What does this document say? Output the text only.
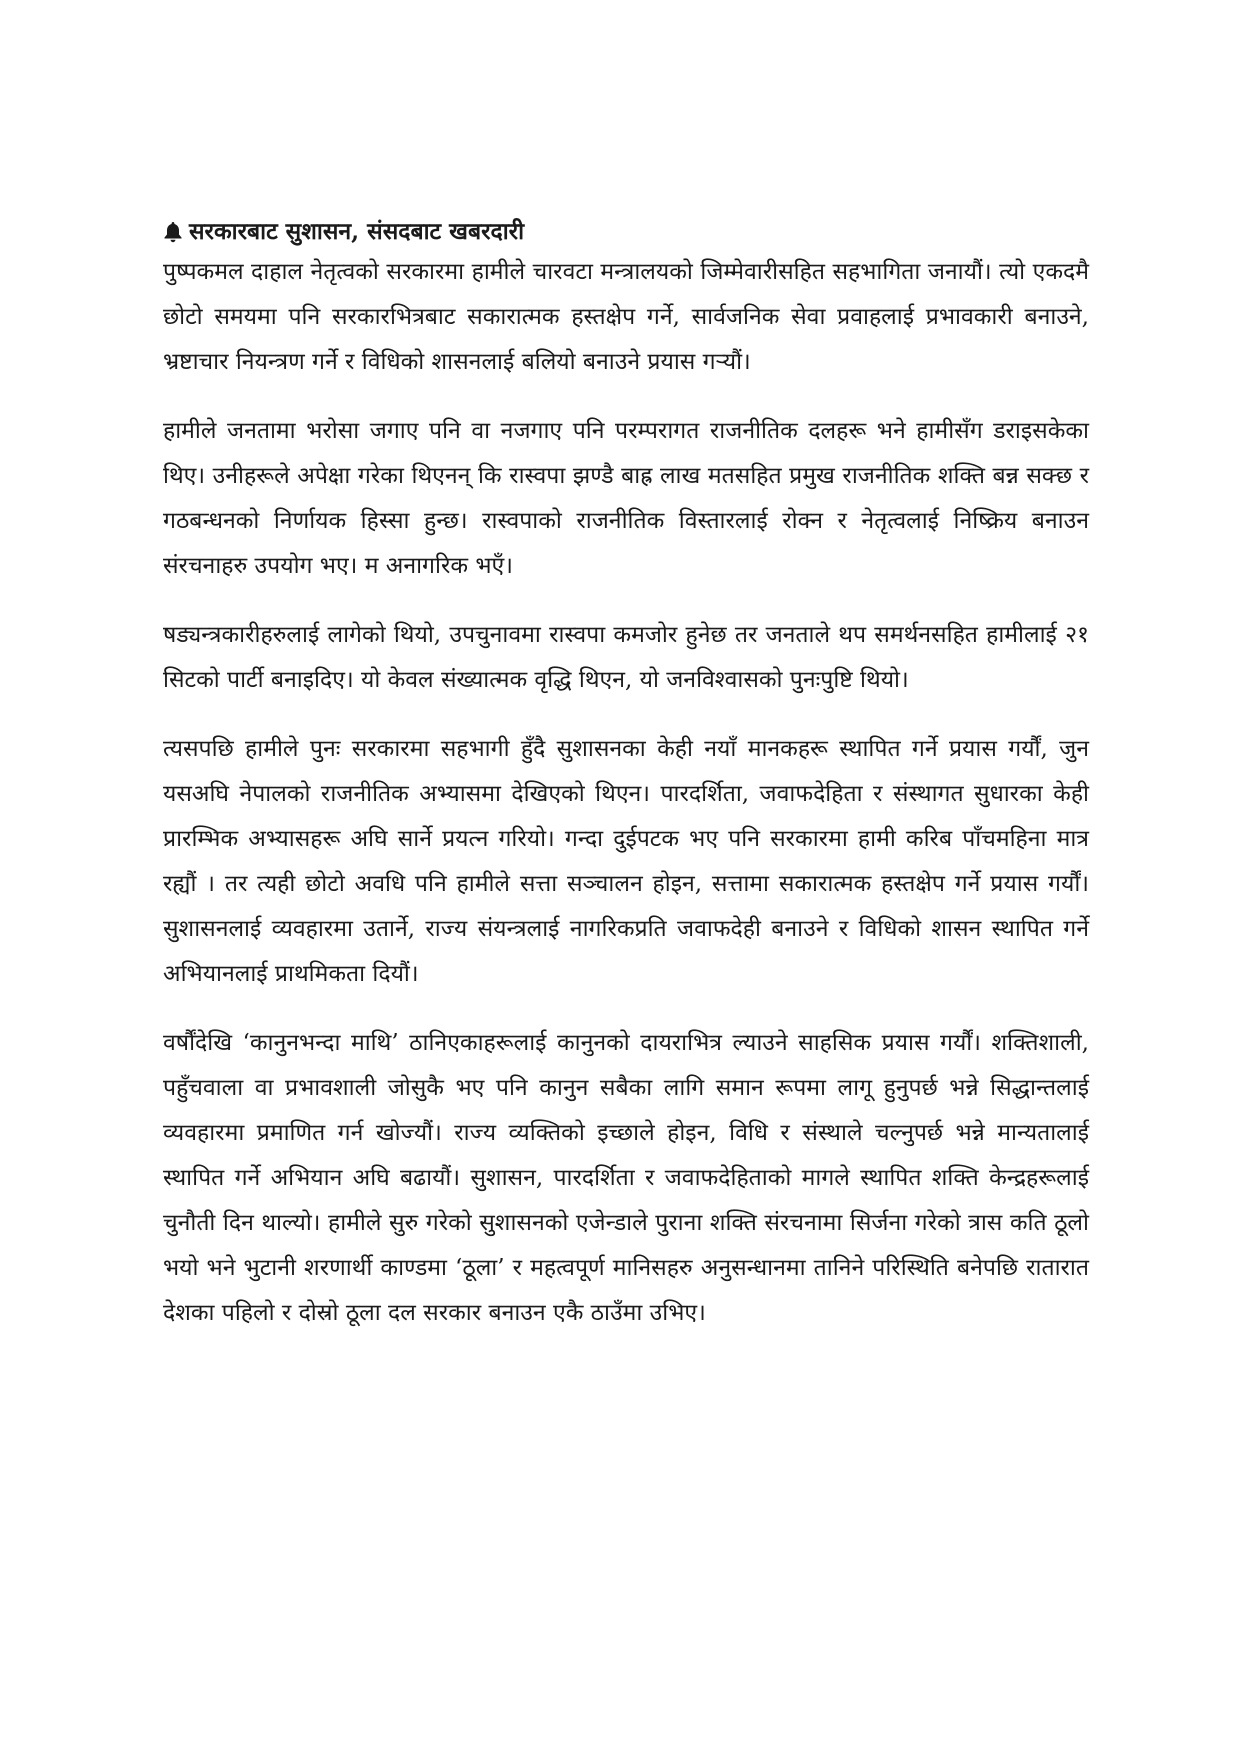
सरकारबाट सुशासन, संसदबाट खबरदारी

पुष्पकमल दाहाल नेतृत्वको सरकारमा हामीले चारवटा मन्त्रालयको जिम्मेवारीसहित सहभागिता जनायौं। त्यो एकदमै छोटो समयमा पनि सरकारभित्रबाट सकारात्मक हस्तक्षेप गर्ने, सार्वजनिक सेवा प्रवाहलाई प्रभावकारी बनाउने, भ्रष्टाचार नियन्त्रण गर्ने र विधिको शासनलाई बलियो बनाउने प्रयास गऱ्यौं।

हामीले जनतामा भरोसा जगाए पनि वा नजगाए पनि परम्परागत राजनीतिक दलहरू भने हामीसँग डराइसकेका थिए। उनीहरूले अपेक्षा गरेका थिएनन् कि रास्वपा झण्डै बाह्र लाख मतसहित प्रमुख राजनीतिक शक्ति बन्न सक्छ र गठबन्धनको निर्णायक हिस्सा हुन्छ। रास्वपाको राजनीतिक विस्तारलाई रोक्न र नेतृत्वलाई निष्क्रिय बनाउन संरचनाहरु उपयोग भए। म अनागरिक भएँ।

षड्यन्त्रकारीहरुलाई लागेको थियो, उपचुनावमा रास्वपा कमजोर हुनेछ तर जनताले थप समर्थनसहित हामीलाई २१ सिटको पार्टी बनाइदिए। यो केवल संख्यात्मक वृद्धि थिएन, यो जनविश्वासको पुनःपुष्टि थियो।

त्यसपछि हामीले पुनः सरकारमा सहभागी हुँदै सुशासनका केही नयाँ मानकहरू स्थापित गर्ने प्रयास गर्यौं, जुन यसअघि नेपालको राजनीतिक अभ्यासमा देखिएको थिएन। पारदर्शिता, जवाफदेहिता र संस्थागत सुधारका केही प्रारम्भिक अभ्यासहरू अघि सार्ने प्रयत्न गरियो। गन्दा दुईपटक भए पनि सरकारमा हामी करिब पाँचमहिना मात्र रह्यौं । तर त्यही छोटो अवधि पनि हामीले सत्ता सञ्चालन होइन, सत्तामा सकारात्मक हस्तक्षेप गर्ने प्रयास गर्यौं। सुशासनलाई व्यवहारमा उतार्ने, राज्य संयन्त्रलाई नागरिकप्रति जवाफदेही बनाउने र विधिको शासन स्थापित गर्ने अभियानलाई प्राथमिकता दियौं।

वर्षौंदेखि ‘कानुनभन्दा माथि’ ठानिएकाहरूलाई कानुनको दायराभित्र ल्याउने साहसिक प्रयास गर्यौं। शक्तिशाली, पहुँचवाला वा प्रभावशाली जोसुकै भए पनि कानुन सबैका लागि समान रूपमा लागू हुनुपर्छ भन्ने सिद्धान्तलाई व्यवहारमा प्रमाणित गर्न खोज्यौं। राज्य व्यक्तिको इच्छाले होइन, विधि र संस्थाले चल्नुपर्छ भन्ने मान्यतालाई स्थापित गर्ने अभियान अघि बढायौं। सुशासन, पारदर्शिता र जवाफदेहिताको मागले स्थापित शक्ति केन्द्रहरूलाई चुनौती दिन थाल्यो। हामीले सुरु गरेको सुशासनको एजेन्डाले पुराना शक्ति संरचनामा सिर्जना गरेको त्रास कति ठूलो भयो भने भुटानी शरणार्थी काण्डमा ‘ठूला’ र महत्वपूर्ण मानिसहरु अनुसन्धानमा तानिने परिस्थिति बनेपछि रातारात देशका पहिलो र दोस्रो ठूला दल सरकार बनाउन एकै ठाउँमा उभिए।
